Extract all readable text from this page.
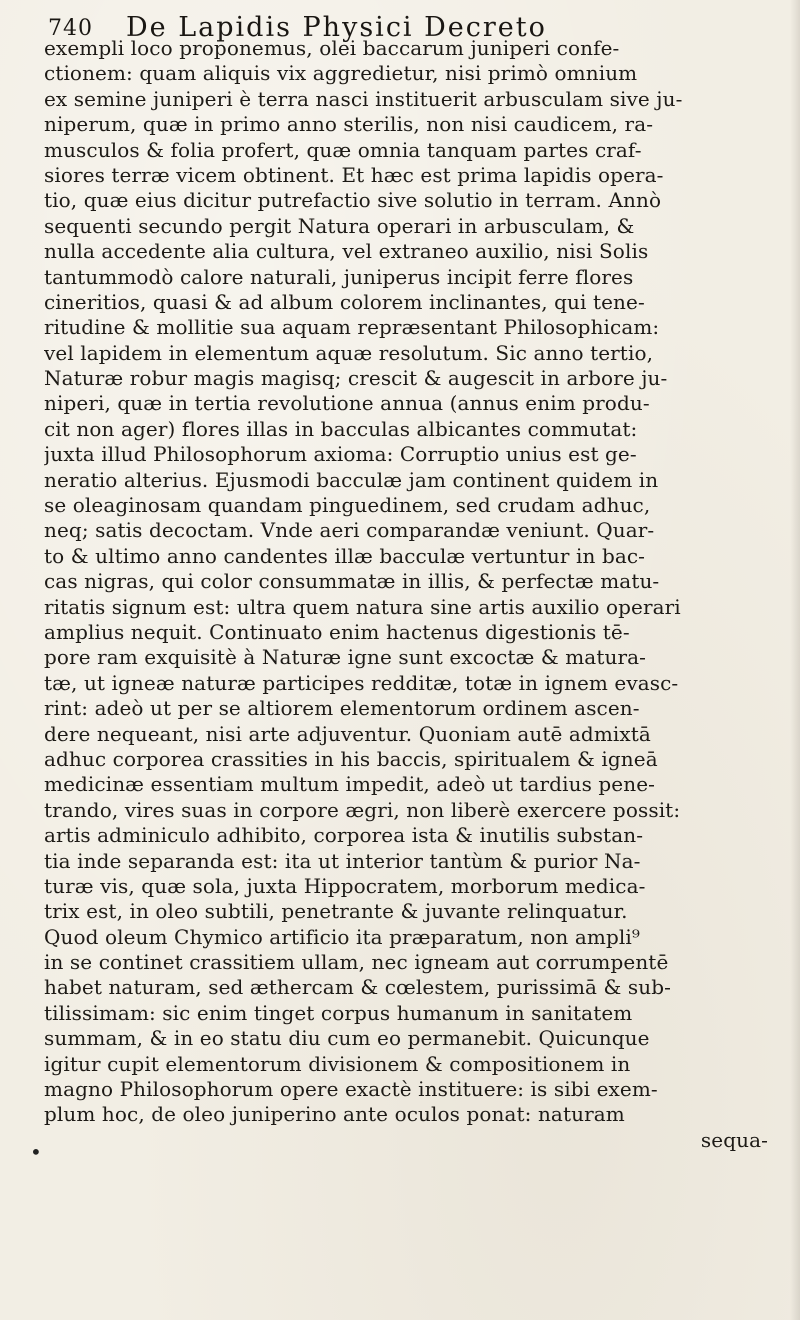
740 De Lapidis Physici Decreto
exempli loco proponemus, olei baccarum juniperi confe-
ctionem: quam aliquis vix aggredietur, nisi primò omnium
ex semine juniperi è terra nasci instituerit arbusculam sive ju-
niperum, quæ in primo anno sterilis, non nisi caudicem, ra-
musculos & folia profert, quæ omnia tanquam partes craf-
siores terræ vicem obtinent. Et hæc est prima lapidis opera-
tio, quæ eius dicitur putrefactio sive solutio in terram. Annò
sequenti secundo pergit Natura operari in arbusculam, &
nulla accedente alia cultura, vel extraneo auxilio, nisi Solis
tantummodò calore naturali, juniperus incipit ferre flores
cineritios, quasi & ad album colorem inclinantes, qui tene-
ritudine & mollitie sua aquam repræsentant Philosophicam:
vel lapidem in elementum aquæ resolutum. Sic anno tertio,
Naturæ robur magis magisq; crescit & augescit in arbore ju-
niperi, quæ in tertia revolutione annua (annus enim produ-
cit non ager) flores illas in bacculas albicantes commutat:
juxta illud Philosophorum axioma: Corruptio unius est ge-
neratio alterius. Ejusmodi bacculæ jam continent quidem in
se oleaginosam quandam pinguedinem, sed crudam adhuc,
neq; satis decoctam. Vnde aeri comparandæ veniunt. Quar-
to & ultimo anno candentes illæ bacculæ vertuntur in bac-
cas nigras, qui color consummatæ in illis, & perfectæ matu-
ritatis signum est: ultra quem natura sine artis auxilio operari
amplius nequit. Continuato enim hactenus digestionis tē-
pore ram exquisitè à Naturæ igne sunt excoctæ & matura-
tæ, ut igneæ naturæ participes redditæ, totæ in ignem evasc-
rint: adeò ut per se altiorem elementorum ordinem ascen-
dere nequeant, nisi arte adjuventur. Quoniam autē admixtā
adhuc corporea crassities in his baccis, spiritualem & igneā
medicinæ essentiam multum impedit, adeò ut tardius pene-
trando, vires suas in corpore ægri, non liberè exercere possit:
artis adminiculo adhibito, corporea ista & inutilis substan-
tia inde separanda est: ita ut interior tantùm & purior Na-
turæ vis, quæ sola, juxta Hippocratem, morborum medica-
trix est, in oleo subtili, penetrante & juvante relinquatur.
Quod oleum Chymico artificio ita præparatum, non ampli⁹
in se continet crassitiem ullam, nec igneam aut corrumpentē
habet naturam, sed æthercam & cœlestem, purissimā & sub-
tilissimam: sic enim tinget corpus humanum in sanitatem
summam, & in eo statu diu cum eo permanebit. Quicunque
igitur cupit elementorum divisionem & compositionem in
magno Philosophorum opere exactè instituere: is sibi exem-
plum hoc, de oleo juniperino ante oculos ponat: naturam
sequa-
•
